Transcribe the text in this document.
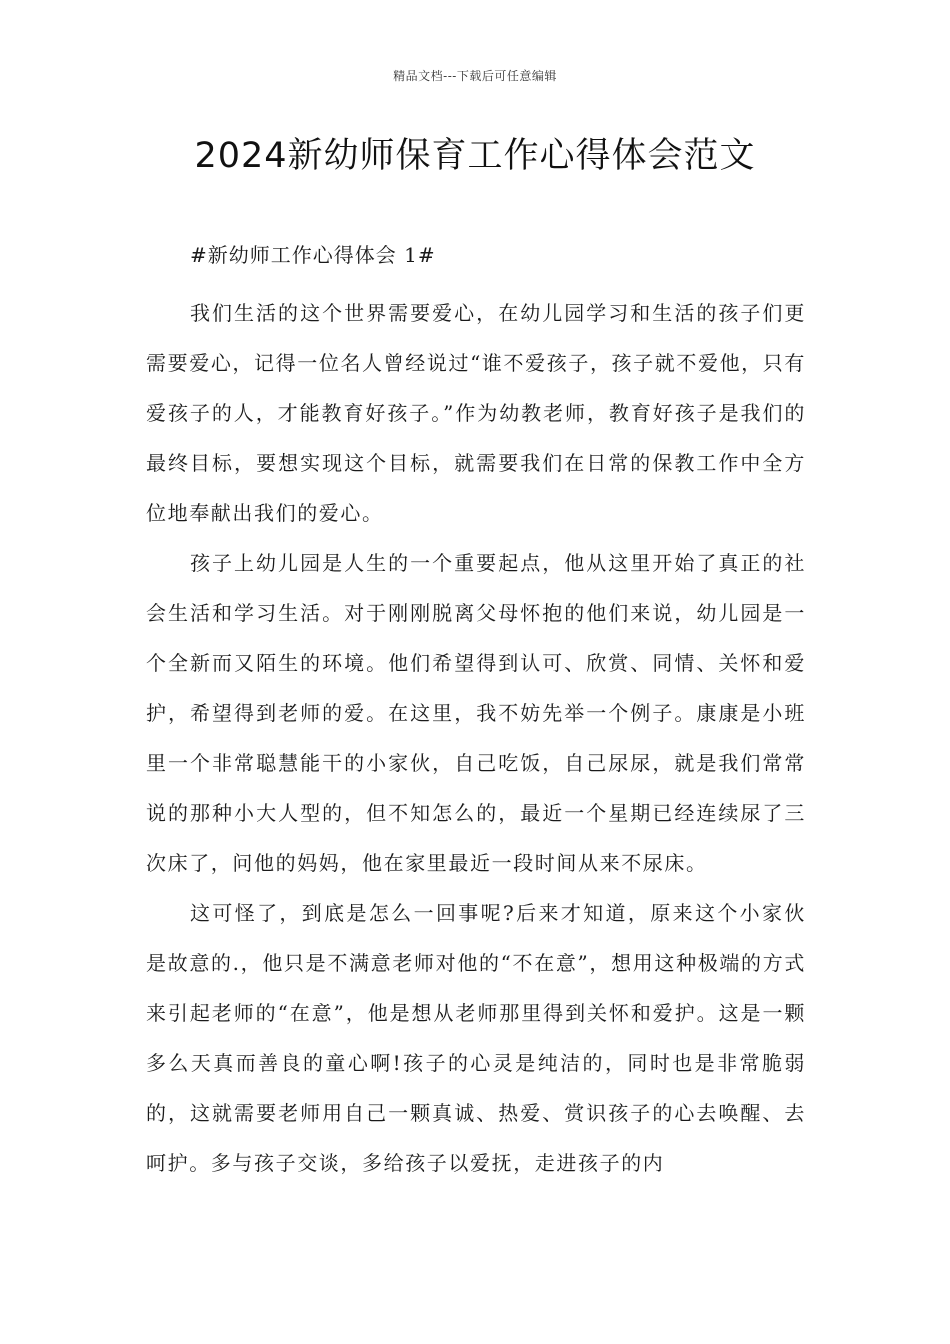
精品文档---下载后可任意编辑
2024新幼师保育工作心得体会范文

#新幼师工作心得体会 1#

我们生活的这个世界需要爱心，在幼儿园学习和生活的孩子们更需要爱心，记得一位名人曾经说过“谁不爱孩子，孩子就不爱他，只有爱孩子的人，才能教育好孩子。”作为幼教老师，教育好孩子是我们的最终目标，要想实现这个目标，就需要我们在日常的保教工作中全方位地奉献出我们的爱心。

孩子上幼儿园是人生的一个重要起点，他从这里开始了真正的社会生活和学习生活。对于刚刚脱离父母怀抱的他们来说，幼儿园是一个全新而又陌生的环境。他们希望得到认可、欣赏、同情、关怀和爱护，希望得到老师的爱。在这里，我不妨先举一个例子。康康是小班里一个非常聪慧能干的小家伙，自己吃饭，自己尿尿，就是我们常常说的那种小大人型的，但不知怎么的，最近一个星期已经连续尿了三次床了，问他的妈妈，他在家里最近一段时间从来不尿床。

这可怪了，到底是怎么一回事呢?后来才知道，原来这个小家伙是故意的.，他只是不满意老师对他的“不在意”，想用这种极端的方式来引起老师的“在意”，他是想从老师那里得到关怀和爱护。这是一颗多么天真而善良的童心啊!孩子的心灵是纯洁的，同时也是非常脆弱的，这就需要老师用自己一颗真诚、热爱、赏识孩子的心去唤醒、去呵护。多与孩子交谈，多给孩子以爱抚，走进孩子的内
